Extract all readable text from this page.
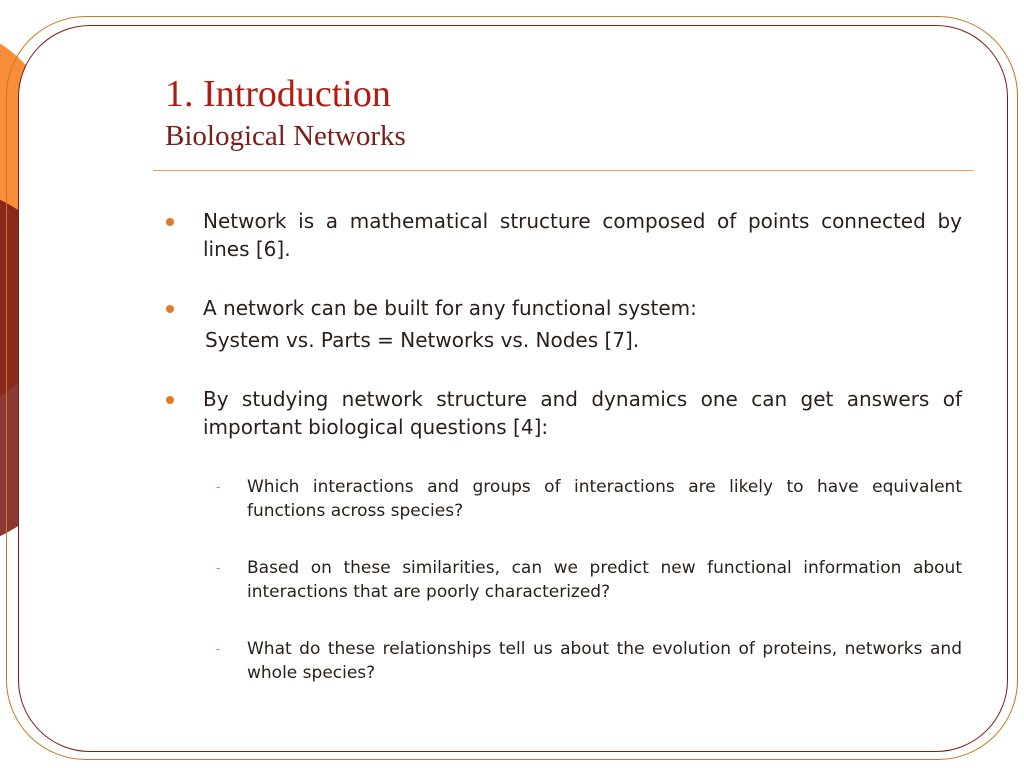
1. Introduction
Biological Networks
Network is a mathematical structure composed of points connected by lines [6].
A network can be built for any functional system:
System vs. Parts = Networks vs. Nodes [7].
By studying network structure and dynamics one can get answers of important biological questions [4]:
- Which interactions and groups of interactions are likely to have equivalent functions across species?
- Based on these similarities, can we predict new functional information about interactions that are poorly characterized?
- What do these relationships tell us about the evolution of proteins, networks and whole species?
